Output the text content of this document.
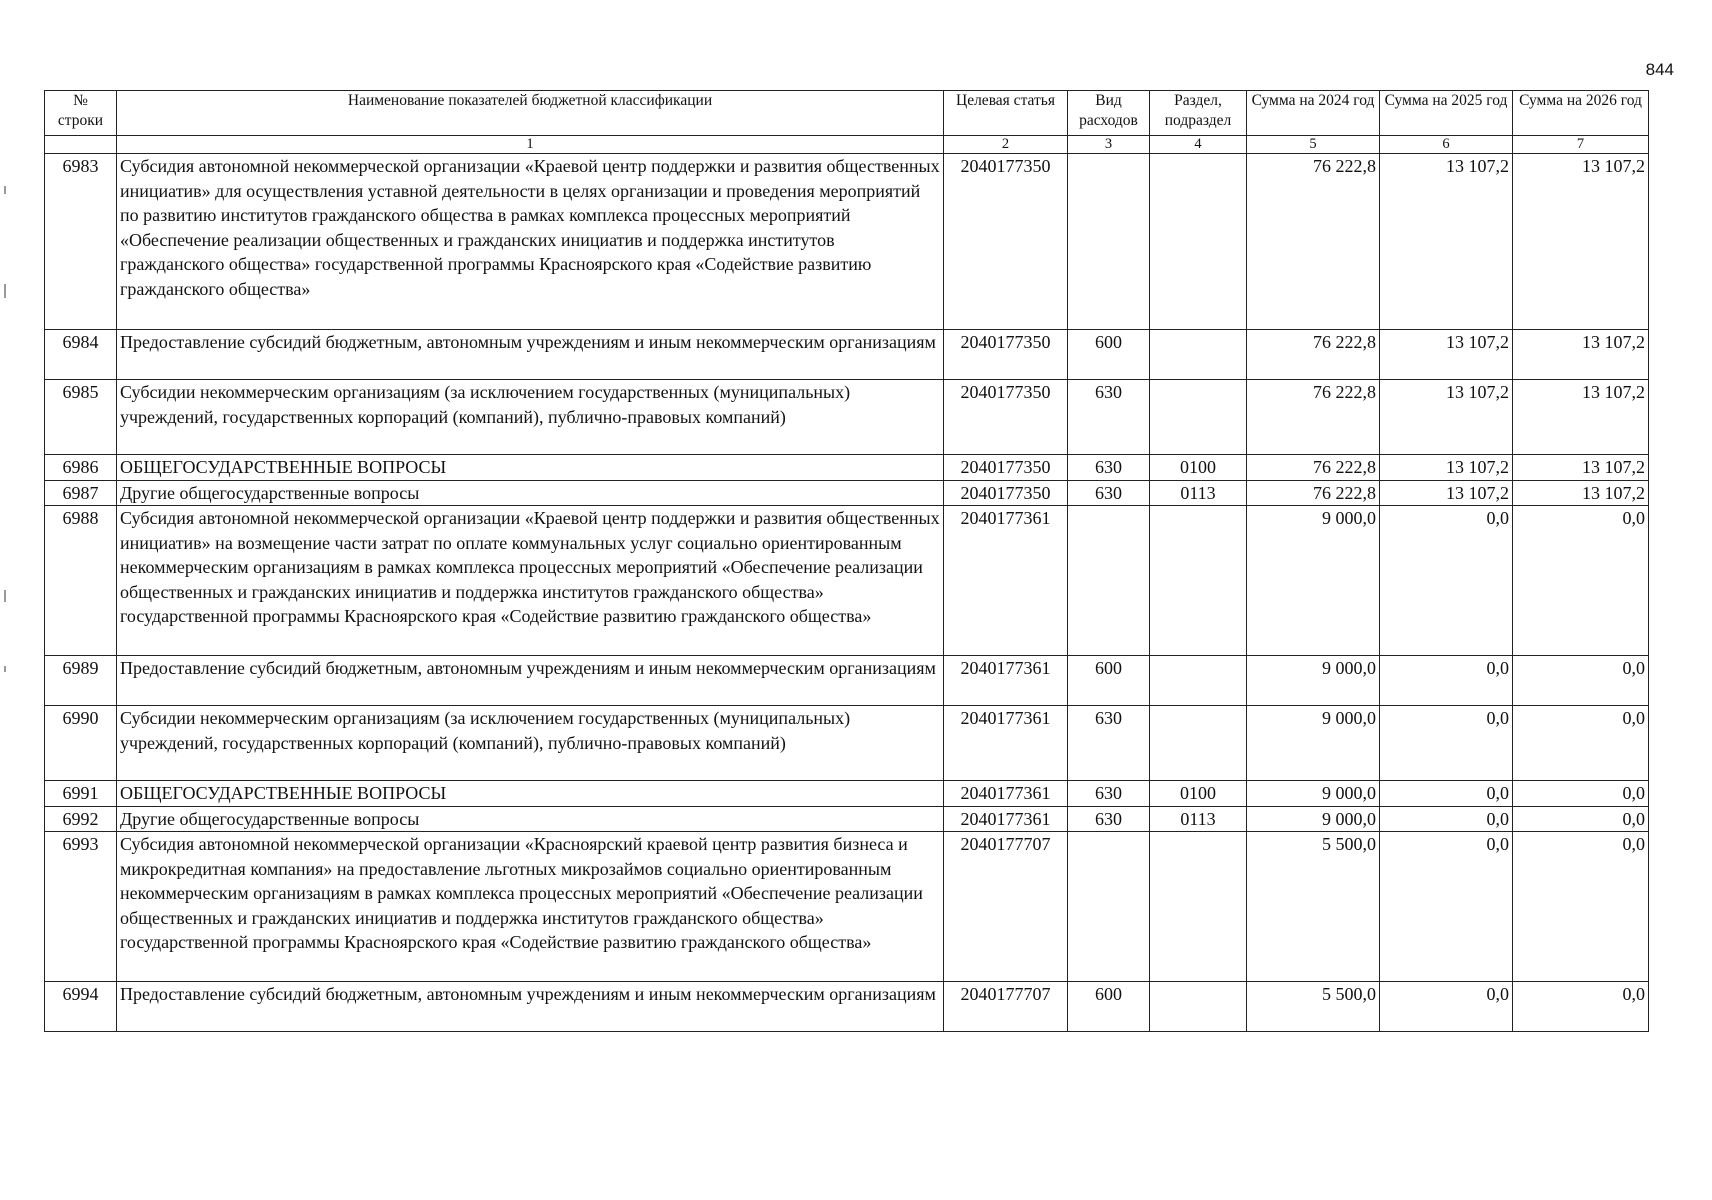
844
№
строки	Наименование показателей бюджетной классификации	Целевая статья	Вид расходов	Раздел, подраздел	Сумма на 2024 год	Сумма на 2025 год	Сумма на 2026 год
	1	2	3	4	5	6	7
6983	Субсидия автономной некоммерческой организации «Краевой центр поддержки и развития общественных инициатив» для осуществления уставной деятельности в целях организации и проведения мероприятий по развитию институтов гражданского общества в рамках комплекса процессных мероприятий «Обеспечение реализации общественных и гражданских инициатив и поддержка институтов гражданского общества» государственной программы Красноярского края «Содействие развитию гражданского общества»	2040177350			76 222,8	13 107,2	13 107,2
6984	Предоставление субсидий бюджетным, автономным учреждениям и иным некоммерческим организациям	2040177350	600		76 222,8	13 107,2	13 107,2
6985	Субсидии некоммерческим организациям (за исключением государственных (муниципальных) учреждений, государственных корпораций (компаний), публично-правовых компаний)	2040177350	630		76 222,8	13 107,2	13 107,2
6986	ОБЩЕГОСУДАРСТВЕННЫЕ ВОПРОСЫ	2040177350	630	0100	76 222,8	13 107,2	13 107,2
6987	Другие общегосударственные вопросы	2040177350	630	0113	76 222,8	13 107,2	13 107,2
6988	Субсидия автономной некоммерческой организации «Краевой центр поддержки и развития общественных инициатив» на возмещение части затрат по оплате коммунальных услуг социально ориентированным некоммерческим организациям в рамках комплекса процессных мероприятий «Обеспечение реализации общественных и гражданских инициатив и поддержка институтов гражданского общества» государственной программы Красноярского края «Содействие развитию гражданского общества»	2040177361			9 000,0	0,0	0,0
6989	Предоставление субсидий бюджетным, автономным учреждениям и иным некоммерческим организациям	2040177361	600		9 000,0	0,0	0,0
6990	Субсидии некоммерческим организациям (за исключением государственных (муниципальных) учреждений, государственных корпораций (компаний), публично-правовых компаний)	2040177361	630		9 000,0	0,0	0,0
6991	ОБЩЕГОСУДАРСТВЕННЫЕ ВОПРОСЫ	2040177361	630	0100	9 000,0	0,0	0,0
6992	Другие общегосударственные вопросы	2040177361	630	0113	9 000,0	0,0	0,0
6993	Субсидия автономной некоммерческой организации «Красноярский краевой центр развития бизнеса и микрокредитная компания» на предоставление льготных микрозаймов социально ориентированным некоммерческим организациям в рамках комплекса процессных мероприятий «Обеспечение реализации общественных и гражданских инициатив и поддержка институтов гражданского общества» государственной программы Красноярского края «Содействие развитию гражданского общества»	2040177707			5 500,0	0,0	0,0
6994	Предоставление субсидий бюджетным, автономным учреждениям и иным некоммерческим организациям	2040177707	600		5 500,0	0,0	0,0
